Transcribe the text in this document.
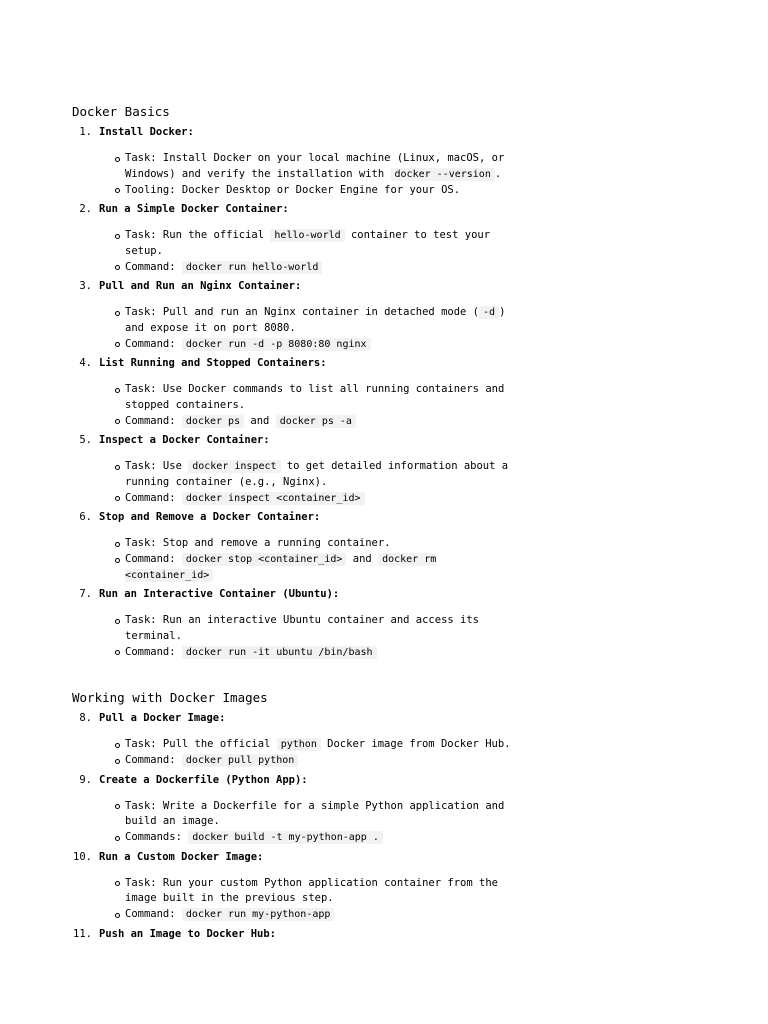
Docker Basics
1. Install Docker:
Task: Install Docker on your local machine (Linux, macOS, or Windows) and verify the installation with docker --version .
Tooling: Docker Desktop or Docker Engine for your OS.
2. Run a Simple Docker Container:
Task: Run the official hello-world container to test your setup.
Command: docker run hello-world
3. Pull and Run an Nginx Container:
Task: Pull and run an Nginx container in detached mode ( -d ) and expose it on port 8080.
Command: docker run -d -p 8080:80 nginx
4. List Running and Stopped Containers:
Task: Use Docker commands to list all running containers and stopped containers.
Command: docker ps and docker ps -a
5. Inspect a Docker Container:
Task: Use docker inspect to get detailed information about a running container (e.g., Nginx).
Command: docker inspect <container_id>
6. Stop and Remove a Docker Container:
Task: Stop and remove a running container.
Command: docker stop <container_id> and docker rm <container_id>
7. Run an Interactive Container (Ubuntu):
Task: Run an interactive Ubuntu container and access its terminal.
Command: docker run -it ubuntu /bin/bash
Working with Docker Images
8. Pull a Docker Image:
Task: Pull the official python Docker image from Docker Hub.
Command: docker pull python
9. Create a Dockerfile (Python App):
Task: Write a Dockerfile for a simple Python application and build an image.
Commands: docker build -t my-python-app .
10. Run a Custom Docker Image:
Task: Run your custom Python application container from the image built in the previous step.
Command: docker run my-python-app
11. Push an Image to Docker Hub:
